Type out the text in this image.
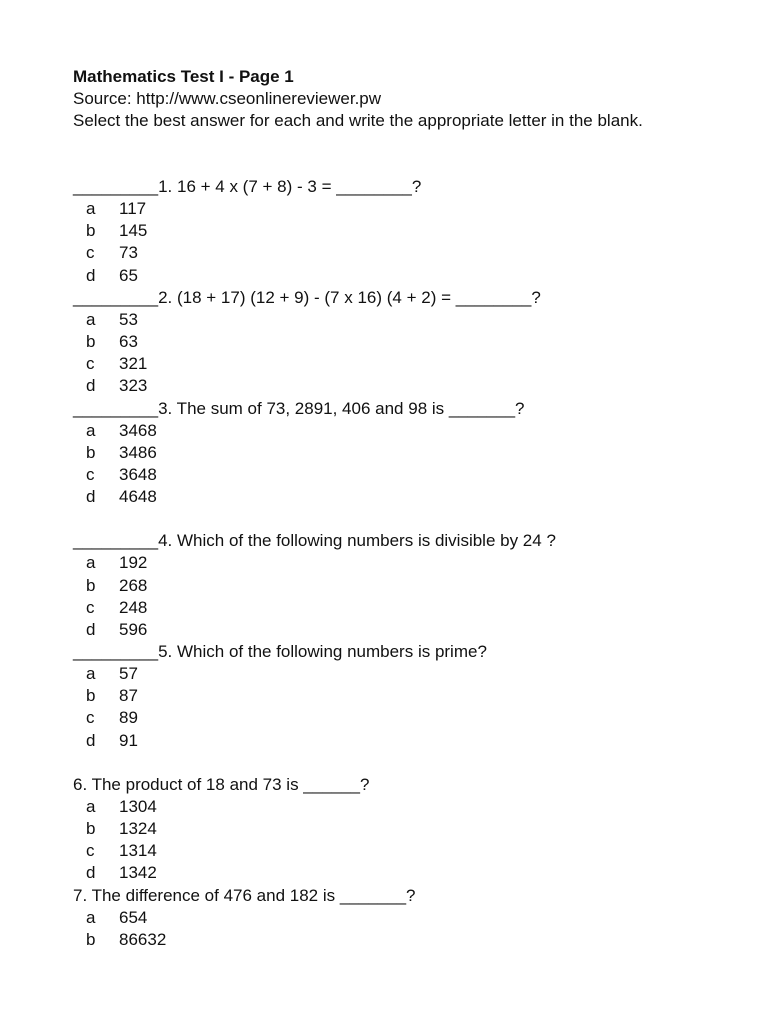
Mathematics Test I - Page 1

Source: http://www.cseonlinereviewer.pw

Select the best answer for each and write the appropriate letter in the blank.

_________1. 16 + 4 x (7 + 8) - 3 = ________?
a	117
b	145
c	73
d	65
_________2. (18 + 17) (12 + 9) - (7 x 16) (4 + 2) = ________?
a	53
b	63
c	321
d	323
_________3. The sum of 73, 2891, 406 and 98 is _______?
a	3468
b	3486
c	3648
d	4648
_________4. Which of the following numbers is divisible by 24 ?
a	192
b	268
c	248
d	596
_________5. Which of the following numbers is prime?
a	57
b	87
c	89
d	91
6. The product of 18 and 73 is ______?
a	1304
b	1324
c	1314
d	1342
7. The difference of 476 and 182 is _______?
a	654
b	86632
